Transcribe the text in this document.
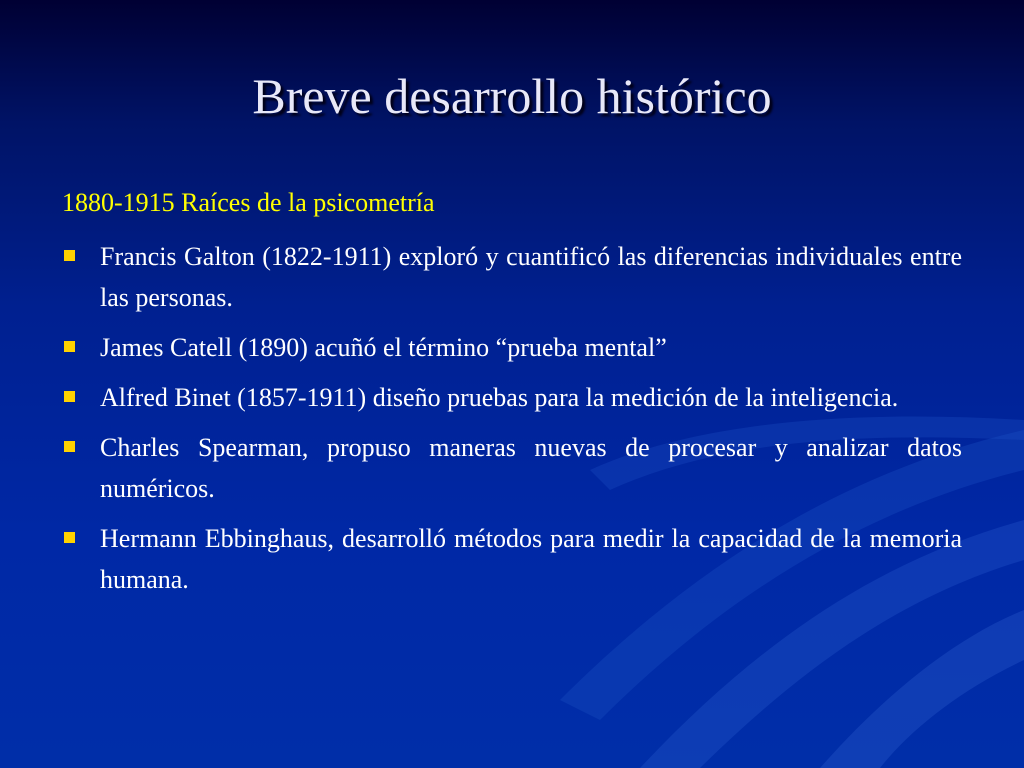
Breve desarrollo histórico
1880-1915 Raíces de la psicometría
Francis Galton (1822-1911) exploró y cuantificó las diferencias individuales entre las personas.
James Catell (1890) acuñó el término “prueba mental”
Alfred Binet (1857-1911) diseño pruebas para la medición de la inteligencia.
Charles Spearman, propuso maneras nuevas de procesar y analizar datos numéricos.
Hermann Ebbinghaus, desarrolló métodos para medir la capacidad de la memoria humana.
